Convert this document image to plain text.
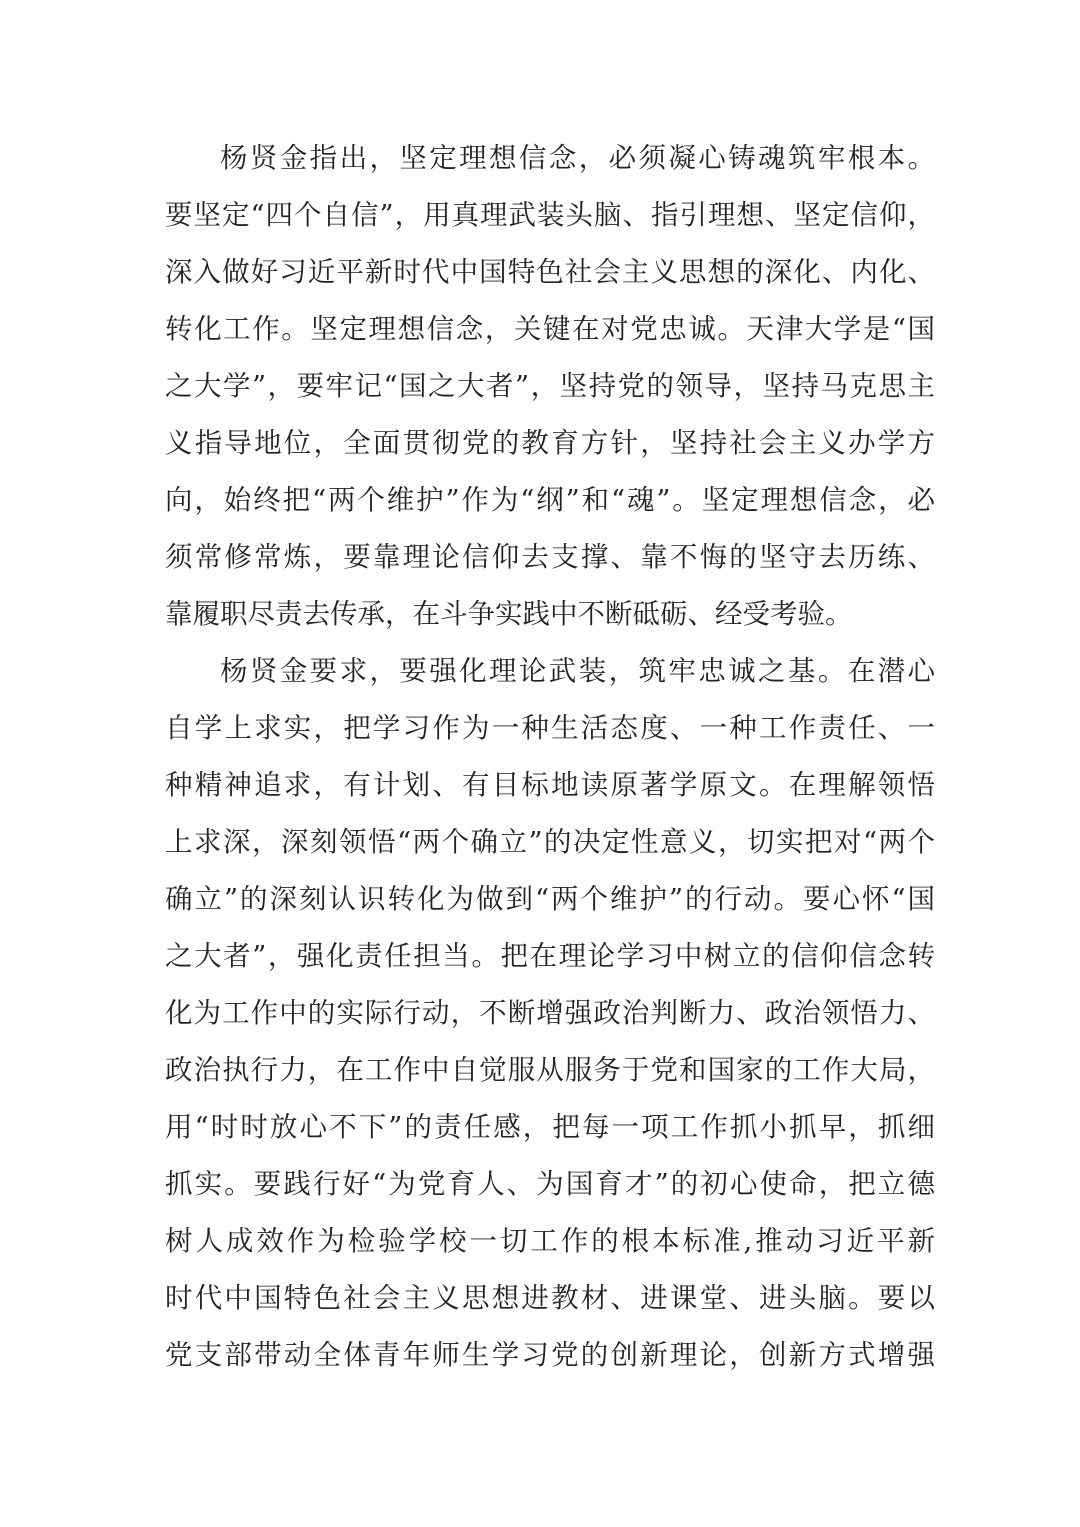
杨贤金指出，坚定理想信念，必须凝心铸魂筑牢根本。
要坚定“四个自信”，用真理武装头脑、指引理想、坚定信仰，
深入做好习近平新时代中国特色社会主义思想的深化、内化、
转化工作。坚定理想信念，关键在对党忠诚。天津大学是“国
之大学”，要牢记“国之大者”，坚持党的领导，坚持马克思主
义指导地位，全面贯彻党的教育方针，坚持社会主义办学方
向，始终把“两个维护”作为“纲”和“魂”。坚定理想信念，必
须常修常炼，要靠理论信仰去支撑、靠不悔的坚守去历练、
靠履职尽责去传承，在斗争实践中不断砥砺、经受考验。
杨贤金要求，要强化理论武装，筑牢忠诚之基。在潜心
自学上求实，把学习作为一种生活态度、一种工作责任、一
种精神追求，有计划、有目标地读原著学原文。在理解领悟
上求深，深刻领悟“两个确立”的决定性意义，切实把对“两个
确立”的深刻认识转化为做到“两个维护”的行动。要心怀“国
之大者”，强化责任担当。把在理论学习中树立的信仰信念转
化为工作中的实际行动，不断增强政治判断力、政治领悟力、
政治执行力，在工作中自觉服从服务于党和国家的工作大局，
用“时时放心不下”的责任感，把每一项工作抓小抓早，抓细
抓实。要践行好“为党育人、为国育才”的初心使命，把立德
树人成效作为检验学校一切工作的根本标准,推动习近平新
时代中国特色社会主义思想进教材、进课堂、进头脑。要以
党支部带动全体青年师生学习党的创新理论，创新方式增强
